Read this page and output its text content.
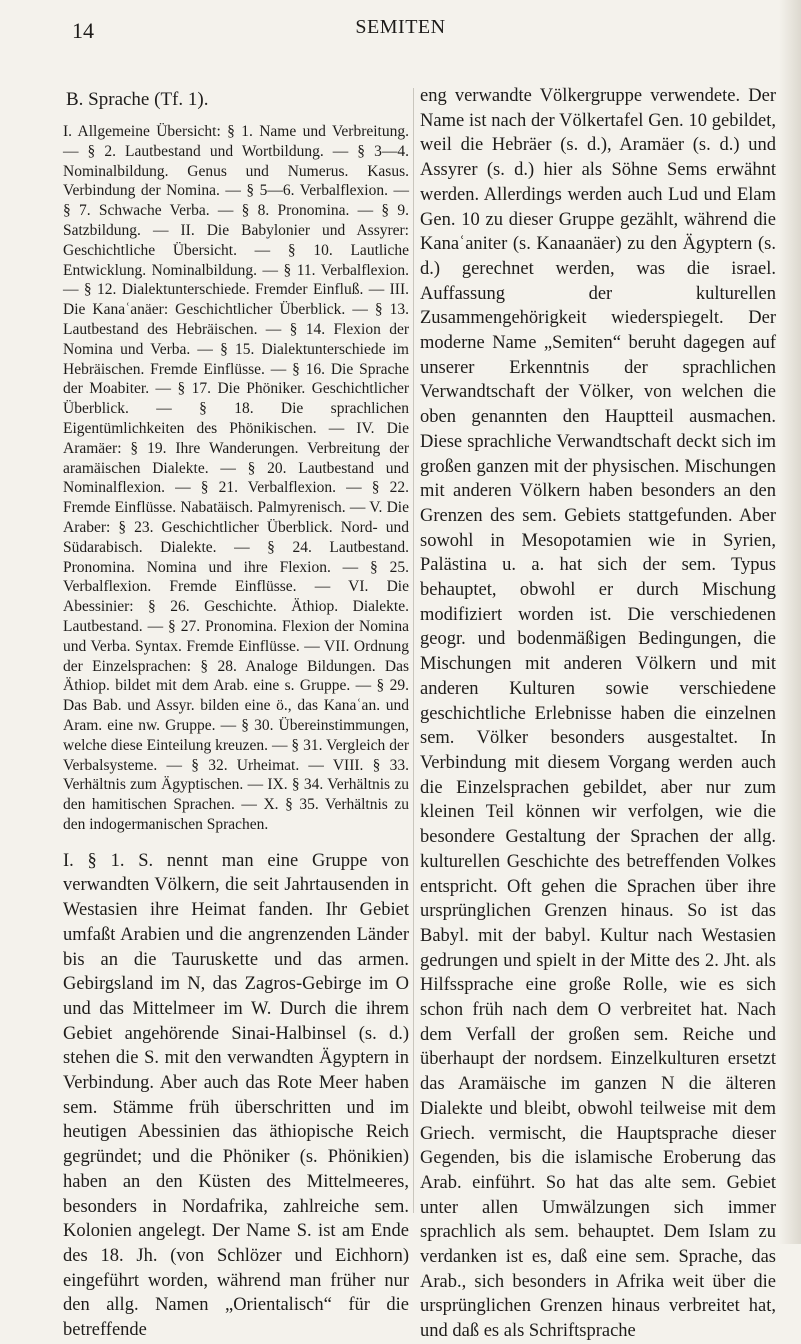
14	SEMITEN
B. Sprache (Tf. 1).

I. Allgemeine Übersicht: § 1. Name und Verbreitung. — § 2. Lautbestand und Wortbildung. — § 3—4. Nominalbildung. Genus und Numerus. Kasus. Verbindung der Nomina. — § 5—6. Verbalflexion. — § 7. Schwache Verba. — § 8. Pronomina. — § 9. Satzbildung. — II. Die Babylonier und Assyrer: Geschichtliche Übersicht. — § 10. Lautliche Entwicklung. Nominalbildung. — § 11. Verbalflexion. — § 12. Dialektunterschiede. Fremder Einfluß. — III. Die Kanaʿanäer: Geschichtlicher Überblick. — § 13. Lautbestand des Hebräischen. — § 14. Flexion der Nomina und Verba. — § 15. Dialektunterschiede im Hebräischen. Fremde Einflüsse. — § 16. Die Sprache der Moabiter. — § 17. Die Phöniker. Geschichtlicher Überblick. — § 18. Die sprachlichen Eigentümlichkeiten des Phönikischen. — IV. Die Aramäer: § 19. Ihre Wanderungen. Verbreitung der aramäischen Dialekte. — § 20. Lautbestand und Nominalflexion. — § 21. Verbalflexion. — § 22. Fremde Einflüsse. Nabatäisch. Palmyrenisch. — V. Die Araber: § 23. Geschichtlicher Überblick. Nord- und Südarabisch. Dialekte. — § 24. Lautbestand. Pronomina. Nomina und ihre Flexion. — § 25. Verbalflexion. Fremde Einflüsse. — VI. Die Abessinier: § 26. Geschichte. Äthiop. Dialekte. Lautbestand. — § 27. Pronomina. Flexion der Nomina und Verba. Syntax. Fremde Einflüsse. — VII. Ordnung der Einzelsprachen: § 28. Analoge Bildungen. Das Äthiop. bildet mit dem Arab. eine s. Gruppe. — § 29. Das Bab. und Assyr. bilden eine ö., das Kanaʿan. und Aram. eine nw. Gruppe. — § 30. Übereinstimmungen, welche diese Einteilung kreuzen. — § 31. Vergleich der Verbalsysteme. — § 32. Urheimat. — VIII. § 33. Verhältnis zum Ägyptischen. — IX. § 34. Verhältnis zu den hamitischen Sprachen. — X. § 35. Verhältnis zu den indogermanischen Sprachen.

I. § 1. S. nennt man eine Gruppe von verwandten Völkern, die seit Jahrtausenden in Westasien ihre Heimat fanden. Ihr Gebiet umfaßt Arabien und die angrenzenden Länder bis an die Tauruskette und das armen. Gebirgsland im N, das Zagros-Gebirge im O und das Mittelmeer im W. Durch die ihrem Gebiet angehörende Sinai-Halbinsel (s. d.) stehen die S. mit den verwandten Ägyptern in Verbindung. Aber auch das Rote Meer haben sem. Stämme früh überschritten und im heutigen Abessinien das äthiopische Reich gegründet; und die Phöniker (s. Phönikien) haben an den Küsten des Mittelmeeres, besonders in Nordafrika, zahlreiche sem. Kolonien angelegt. Der Name S. ist am Ende des 18. Jh. (von Schlözer und Eichhorn) eingeführt worden, während man früher nur den allg. Namen „Orientalisch“ für die betreffende

eng verwandte Völkergruppe verwendete. Der Name ist nach der Völkertafel Gen. 10 gebildet, weil die Hebräer (s. d.), Aramäer (s. d.) und Assyrer (s. d.) hier als Söhne Sems erwähnt werden. Allerdings werden auch Lud und Elam Gen. 10 zu dieser Gruppe gezählt, während die Kanaʿaniter (s. Kanaanäer) zu den Ägyptern (s. d.) gerechnet werden, was die israel. Auffassung der kulturellen Zusammengehörigkeit wiederspiegelt. Der moderne Name „Semiten“ beruht dagegen auf unserer Erkenntnis der sprachlichen Verwandtschaft der Völker, von welchen die oben genannten den Hauptteil ausmachen. Diese sprachliche Verwandtschaft deckt sich im großen ganzen mit der physischen. Mischungen mit anderen Völkern haben besonders an den Grenzen des sem. Gebiets stattgefunden. Aber sowohl in Mesopotamien wie in Syrien, Palästina u. a. hat sich der sem. Typus behauptet, obwohl er durch Mischung modifiziert worden ist. Die verschiedenen geogr. und bodenmäßigen Bedingungen, die Mischungen mit anderen Völkern und mit anderen Kulturen sowie verschiedene geschichtliche Erlebnisse haben die einzelnen sem. Völker besonders ausgestaltet. In Verbindung mit diesem Vorgang werden auch die Einzelsprachen gebildet, aber nur zum kleinen Teil können wir verfolgen, wie die besondere Gestaltung der Sprachen der allg. kulturellen Geschichte des betreffenden Volkes entspricht. Oft gehen die Sprachen über ihre ursprünglichen Grenzen hinaus. So ist das Babyl. mit der babyl. Kultur nach Westasien gedrungen und spielt in der Mitte des 2. Jht. als Hilfssprache eine große Rolle, wie es sich schon früh nach dem O verbreitet hat. Nach dem Verfall der großen sem. Reiche und überhaupt der nordsem. Einzelkulturen ersetzt das Aramäische im ganzen N die älteren Dialekte und bleibt, obwohl teilweise mit dem Griech. vermischt, die Hauptsprache dieser Gegenden, bis die islamische Eroberung das Arab. einführt. So hat das alte sem. Gebiet unter allen Umwälzungen sich immer sprachlich als sem. behauptet. Dem Islam zu verdanken ist es, daß eine sem. Sprache, das Arab., sich besonders in Afrika weit über die ursprünglichen Grenzen hinaus verbreitet hat, und daß es als Schriftsprache
